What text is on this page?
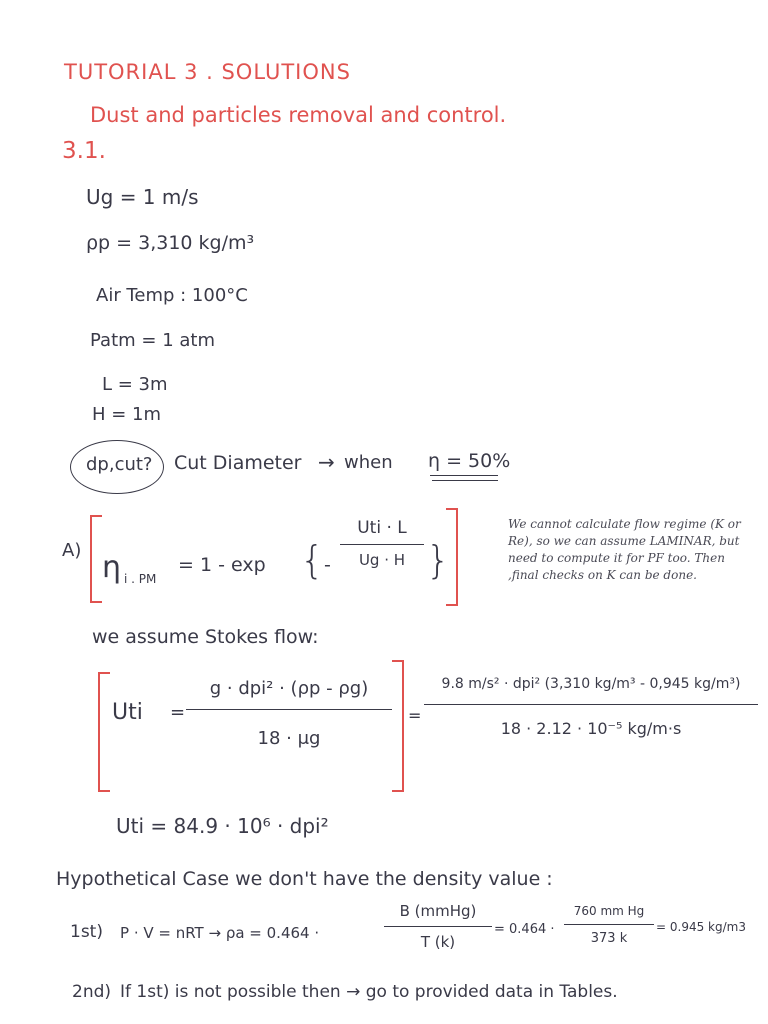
TUTORIAL 3 . SOLUTIONS
Dust and particles removal and control.
3.1.
Ug = 1 m/s
ρp = 3,310 kg/m³
Air Temp : 100°C
Patm = 1 atm
L = 3m
H = 1m
dp,cut? Cut Diameter → when η = 50%
A) η i . PM
= 1 - exp { -
Uti · L
Ug · H }
We cannot calculate flow regime (K or Re), so we can assume LAMINAR, but need to compute it for PF too. Then ,final checks on K can be done.
we assume Stokes flow:
Uti =
g · dpi² · (ρp - ρg)
18 · μg
=
9.8 m/s² · dpi² (3,310 kg/m³ - 0,945 kg/m³)
18 · 2.12 · 10⁻⁵ kg/m·s
Uti = 84.9 · 10⁶ · dpi²
Hypothetical Case we don't have the density value :
1st) P · V = nRT → ρa = 0.464 ·
B (mmHg)
T (k)
= 0.464 ·
760 mm Hg
373 k
= 0.945 kg/m3
2nd) If 1st) is not possible then → go to provided data in Tables.
